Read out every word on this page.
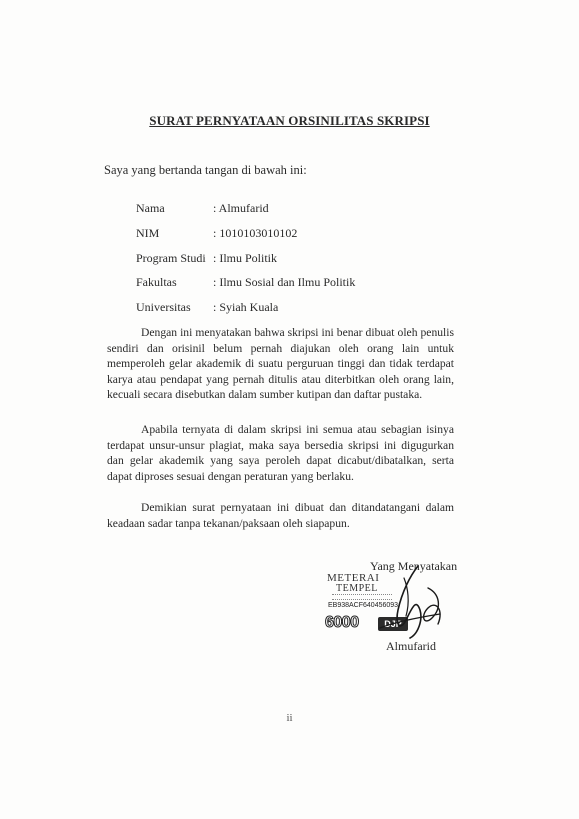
SURAT PERNYATAAN ORSINILITAS SKRIPSI
Saya yang bertanda tangan di bawah ini:
Nama	: Almufarid
NIM	: 1010103010102
Program Studi : Ilmu Politik
Fakultas	: Ilmu Sosial dan Ilmu Politik
Universitas	: Syiah Kuala
Dengan ini menyatakan bahwa skripsi ini benar dibuat oleh penulis sendiri dan orisinil belum pernah diajukan oleh orang lain untuk memperoleh gelar akademik di suatu perguruan tinggi dan tidak terdapat karya atau pendapat yang pernah ditulis atau diterbitkan oleh orang lain, kecuali secara disebutkan dalam sumber kutipan dan daftar pustaka.
Apabila ternyata di dalam skripsi ini semua atau sebagian isinya terdapat unsur-unsur plagiat, maka saya bersedia skripsi ini digugurkan dan gelar akademik yang saya peroleh dapat dicabut/dibatalkan, serta dapat diproses sesuai dengan peraturan yang berlaku.
Demikian surat pernyataan ini dibuat dan ditandatangani dalam keadaan sadar tanpa tekanan/paksaan oleh siapapun.
Yang Menyatakan
METERAI
TEMPEL
EB938ACF640456093
6000	DJP
Almufarid
ii
